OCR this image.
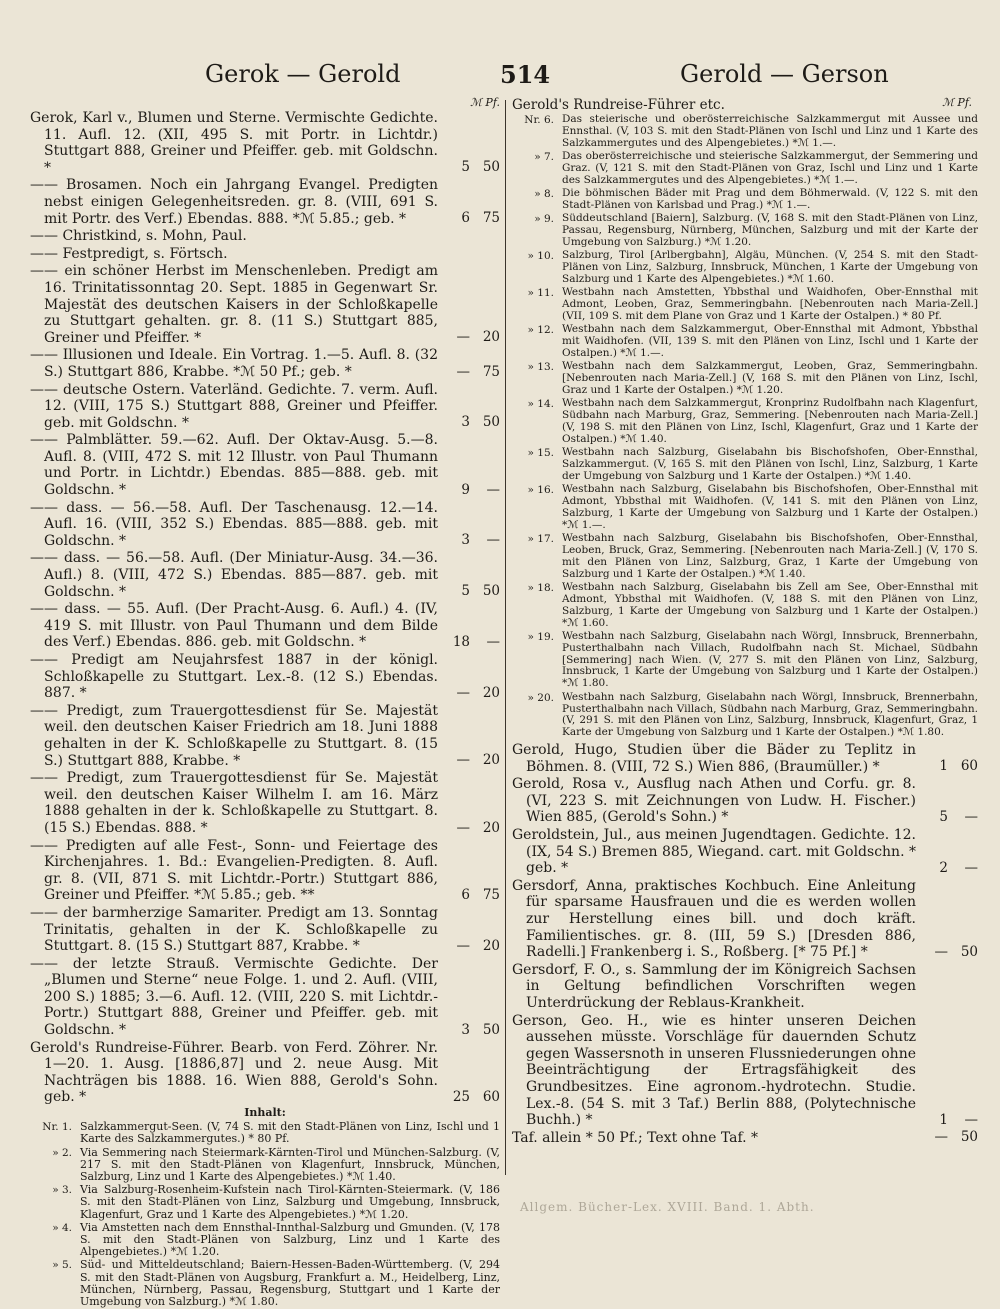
Gerok — Gerold	514	Gerold — Gerson
ℳ Pf.
Gerok, Karl v., Blumen und Sterne. Vermischte Gedichte. 11. Aufl. 12. (XII, 495 S. mit Portr. in Lichtdr.) Stuttgart 888, Greiner und Pfeiffer. geb. mit Goldschn. *	5 50
—— Brosamen. Noch ein Jahrgang Evangel. Predigten nebst einigen Gelegenheitsreden. gr. 8. (VIII, 691 S. mit Portr. des Verf.) Ebendas. 888. *ℳ 5.85.; geb. *	6 75
—— Christkind, s. Mohn, Paul.
—— Festpredigt, s. Förtsch.
—— ein schöner Herbst im Menschenleben. Predigt am 16. Trinitatissonntag 20. Sept. 1885 in Gegenwart Sr. Majestät des deutschen Kaisers in der Schloßkapelle zu Stuttgart gehalten. gr. 8. (11 S.) Stuttgart 885, Greiner und Pfeiffer. *	— 20
—— Illusionen und Ideale. Ein Vortrag. 1.—5. Aufl. 8. (32 S.) Stuttgart 886, Krabbe. *ℳ 50 Pf.; geb. *	— 75
—— deutsche Ostern. Vaterländ. Gedichte. 7. verm. Aufl. 12. (VIII, 175 S.) Stuttgart 888, Greiner und Pfeiffer. geb. mit Goldschn. *	3 50
—— Palmblätter. 59.—62. Aufl. Der Oktav-Ausg. 5.—8. Aufl. 8. (VIII, 472 S. mit 12 Illustr. von Paul Thumann und Portr. in Lichtdr.) Ebendas. 885—888. geb. mit Goldschn. *	9 —
—— dass. — 56.—58. Aufl. Der Taschenausg. 12.—14. Aufl. 16. (VIII, 352 S.) Ebendas. 885—888. geb. mit Goldschn. *	3 —
—— dass. — 56.—58. Aufl. (Der Miniatur-Ausg. 34.—36. Aufl.) 8. (VIII, 472 S.) Ebendas. 885—887. geb. mit Goldschn. *	5 50
—— dass. — 55. Aufl. (Der Pracht-Ausg. 6. Aufl.) 4. (IV, 419 S. mit Illustr. von Paul Thumann und dem Bilde des Verf.) Ebendas. 886. geb. mit Goldschn. *	18 —
—— Predigt am Neujahrsfest 1887 in der königl. Schloßkapelle zu Stuttgart. Lex.-8. (12 S.) Ebendas. 887. *	— 20
—— Predigt, zum Trauergottesdienst für Se. Majestät weil. den deutschen Kaiser Friedrich am 18. Juni 1888 gehalten in der K. Schloßkapelle zu Stuttgart. 8. (15 S.) Stuttgart 888, Krabbe. *	— 20
—— Predigt, zum Trauergottesdienst für Se. Majestät weil. den deutschen Kaiser Wilhelm I. am 16. März 1888 gehalten in der k. Schloßkapelle zu Stuttgart. 8. (15 S.) Ebendas. 888. *	— 20
—— Predigten auf alle Fest-, Sonn- und Feiertage des Kirchenjahres. 1. Bd.: Evangelien-Predigten. 8. Aufl. gr. 8. (VII, 871 S. mit Lichtdr.-Portr.) Stuttgart 886, Greiner und Pfeiffer. *ℳ 5.85.; geb. **	6 75
—— der barmherzige Samariter. Predigt am 13. Sonntag Trinitatis, gehalten in der K. Schloßkapelle zu Stuttgart. 8. (15 S.) Stuttgart 887, Krabbe. *	— 20
—— der letzte Strauß. Vermischte Gedichte. Der „Blumen und Sterne“ neue Folge. 1. und 2. Aufl. (VIII, 200 S.) 1885; 3.—6. Aufl. 12. (VIII, 220 S. mit Lichtdr.-Portr.) Stuttgart 888, Greiner und Pfeiffer. geb. mit Goldschn. *	3 50
Gerold's Rundreise-Führer. Bearb. von Ferd. Zöhrer. Nr. 1—20. 1. Ausg. [1886,87] und 2. neue Ausg. Mit Nachträgen bis 1888. 16. Wien 888, Gerold's Sohn. geb. *	25 60
Inhalt:
Nr. 1. Salzkammergut-Seen. (V, 74 S. mit den Stadt-Plänen von Linz, Ischl und 1 Karte des Salzkammergutes.) * 80 Pf.
» 2. Via Semmering nach Steiermark-Kärnten-Tirol und München-Salzburg. (V, 217 S. mit den Stadt-Plänen von Klagenfurt, Innsbruck, München, Salzburg, Linz und 1 Karte des Alpengebietes.) *ℳ 1.40.
» 3. Via Salzburg-Rosenheim-Kufstein nach Tirol-Kärnten-Steiermark. (V, 186 S. mit den Stadt-Plänen von Linz, Salzburg und Umgebung, Innsbruck, Klagenfurt, Graz und 1 Karte des Alpengebietes.) *ℳ 1.20.
» 4. Via Amstetten nach dem Ennsthal-Innthal-Salzburg und Gmunden. (V, 178 S. mit den Stadt-Plänen von Salzburg, Linz und 1 Karte des Alpengebietes.) *ℳ 1.20.
» 5. Süd- und Mitteldeutschland; Baiern-Hessen-Baden-Württemberg. (V, 294 S. mit den Stadt-Plänen von Augsburg, Frankfurt a. M., Heidelberg, Linz, München, Nürnberg, Passau, Regensburg, Stuttgart und 1 Karte der Umgebung von Salzburg.) *ℳ 1.80.
ℳ Pf.
Gerold's Rundreise-Führer etc.
Nr. 6. Das steierische und oberösterreichische Salzkammergut mit Aussee und Ennsthal. (V, 103 S. mit den Stadt-Plänen von Ischl und Linz und 1 Karte des Salzkammergutes und des Alpengebietes.) *ℳ 1.—.
» 7. Das oberösterreichische und steierische Salzkammergut, der Semmering und Graz. (V, 121 S. mit den Stadt-Plänen von Graz, Ischl und Linz und 1 Karte des Salzkammergutes und des Alpengebietes.) *ℳ 1.—.
» 8. Die böhmischen Bäder mit Prag und dem Böhmerwald. (V, 122 S. mit den Stadt-Plänen von Karlsbad und Prag.) *ℳ 1.—.
» 9. Süddeutschland [Baiern], Salzburg. (V, 168 S. mit den Stadt-Plänen von Linz, Passau, Regensburg, Nürnberg, München, Salzburg und mit der Karte der Umgebung von Salzburg.) *ℳ 1.20.
» 10. Salzburg, Tirol [Arlbergbahn], Algäu, München. (V, 254 S. mit den Stadt-Plänen von Linz, Salzburg, Innsbruck, München, 1 Karte der Umgebung von Salzburg und 1 Karte des Alpengebietes.) *ℳ 1.60.
» 11. Westbahn nach Amstetten, Ybbsthal und Waidhofen, Ober-Ennsthal mit Admont, Leoben, Graz, Semmeringbahn. [Nebenrouten nach Maria-Zell.] (VII, 109 S. mit dem Plane von Graz und 1 Karte der Ostalpen.) * 80 Pf.
» 12. Westbahn nach dem Salzkammergut, Ober-Ennsthal mit Admont, Ybbsthal mit Waidhofen. (VII, 139 S. mit den Plänen von Linz, Ischl und 1 Karte der Ostalpen.) *ℳ 1.—.
» 13. Westbahn nach dem Salzkammergut, Leoben, Graz, Semmeringbahn. [Nebenrouten nach Maria-Zell.] (V, 168 S. mit den Plänen von Linz, Ischl, Graz und 1 Karte der Ostalpen.) *ℳ 1.20.
» 14. Westbahn nach dem Salzkammergut, Kronprinz Rudolfbahn nach Klagenfurt, Südbahn nach Marburg, Graz, Semmering. [Nebenrouten nach Maria-Zell.] (V, 198 S. mit den Plänen von Linz, Ischl, Klagenfurt, Graz und 1 Karte der Ostalpen.) *ℳ 1.40.
» 15. Westbahn nach Salzburg, Giselabahn bis Bischofshofen, Ober-Ennsthal, Salzkammergut. (V, 165 S. mit den Plänen von Ischl, Linz, Salzburg, 1 Karte der Umgebung von Salzburg und 1 Karte der Ostalpen.) *ℳ 1.40.
» 16. Westbahn nach Salzburg, Giselabahn bis Bischofshofen, Ober-Ennsthal mit Admont, Ybbsthal mit Waidhofen. (V, 141 S. mit den Plänen von Linz, Salzburg, 1 Karte der Umgebung von Salzburg und 1 Karte der Ostalpen.) *ℳ 1.—.
» 17. Westbahn nach Salzburg, Giselabahn bis Bischofshofen, Ober-Ennsthal, Leoben, Bruck, Graz, Semmering. [Nebenrouten nach Maria-Zell.] (V, 170 S. mit den Plänen von Linz, Salzburg, Graz, 1 Karte der Umgebung von Salzburg und 1 Karte der Ostalpen.) *ℳ 1.40.
» 18. Westbahn nach Salzburg, Giselabahn bis Zell am See, Ober-Ennsthal mit Admont, Ybbsthal mit Waidhofen. (V, 188 S. mit den Plänen von Linz, Salzburg, 1 Karte der Umgebung von Salzburg und 1 Karte der Ostalpen.) *ℳ 1.60.
» 19. Westbahn nach Salzburg, Giselabahn nach Wörgl, Innsbruck, Brennerbahn, Pusterthalbahn nach Villach, Rudolfbahn nach St. Michael, Südbahn [Semmering] nach Wien. (V, 277 S. mit den Plänen von Linz, Salzburg, Innsbruck, 1 Karte der Umgebung von Salzburg und 1 Karte der Ostalpen.) *ℳ 1.80.
» 20. Westbahn nach Salzburg, Giselabahn nach Wörgl, Innsbruck, Brennerbahn, Pusterthalbahn nach Villach, Südbahn nach Marburg, Graz, Semmeringbahn. (V, 291 S. mit den Plänen von Linz, Salzburg, Innsbruck, Klagenfurt, Graz, 1 Karte der Umgebung von Salzburg und 1 Karte der Ostalpen.) *ℳ 1.80.
Gerold, Hugo, Studien über die Bäder zu Teplitz in Böhmen. 8. (VIII, 72 S.) Wien 886, (Braumüller.) *	1 60
Gerold, Rosa v., Ausflug nach Athen und Corfu. gr. 8. (VI, 223 S. mit Zeichnungen von Ludw. H. Fischer.) Wien 885, (Gerold's Sohn.) *	5 —
Geroldstein, Jul., aus meinen Jugendtagen. Gedichte. 12. (IX, 54 S.) Bremen 885, Wiegand. cart. mit Goldschn. * geb. *	2 —
Gersdorf, Anna, praktisches Kochbuch. Eine Anleitung für sparsame Hausfrauen und die es werden wollen zur Herstellung eines bill. und doch kräft. Familientisches. gr. 8. (III, 59 S.) [Dresden 886, Radelli.] Frankenberg i. S., Roßberg. [* 75 Pf.] *	— 50
Gersdorf, F. O., s. Sammlung der im Königreich Sachsen in Geltung befindlichen Vorschriften wegen Unterdrückung der Reblaus-Krankheit.
Gerson, Geo. H., wie es hinter unseren Deichen aussehen müsste. Vorschläge für dauernden Schutz gegen Wassersnoth in unseren Flussniederungen ohne Beeinträchtigung der Ertragsfähigkeit des Grundbesitzes. Eine agronom.-hydrotechn. Studie. Lex.-8. (54 S. mit 3 Taf.) Berlin 888, (Polytechnische Buchh.) *	1 —
Taf. allein * 50 Pf.; Text ohne Taf. *	— 50
Allgem. Bücher-Lex. XVIII. Band. 1. Abth.
